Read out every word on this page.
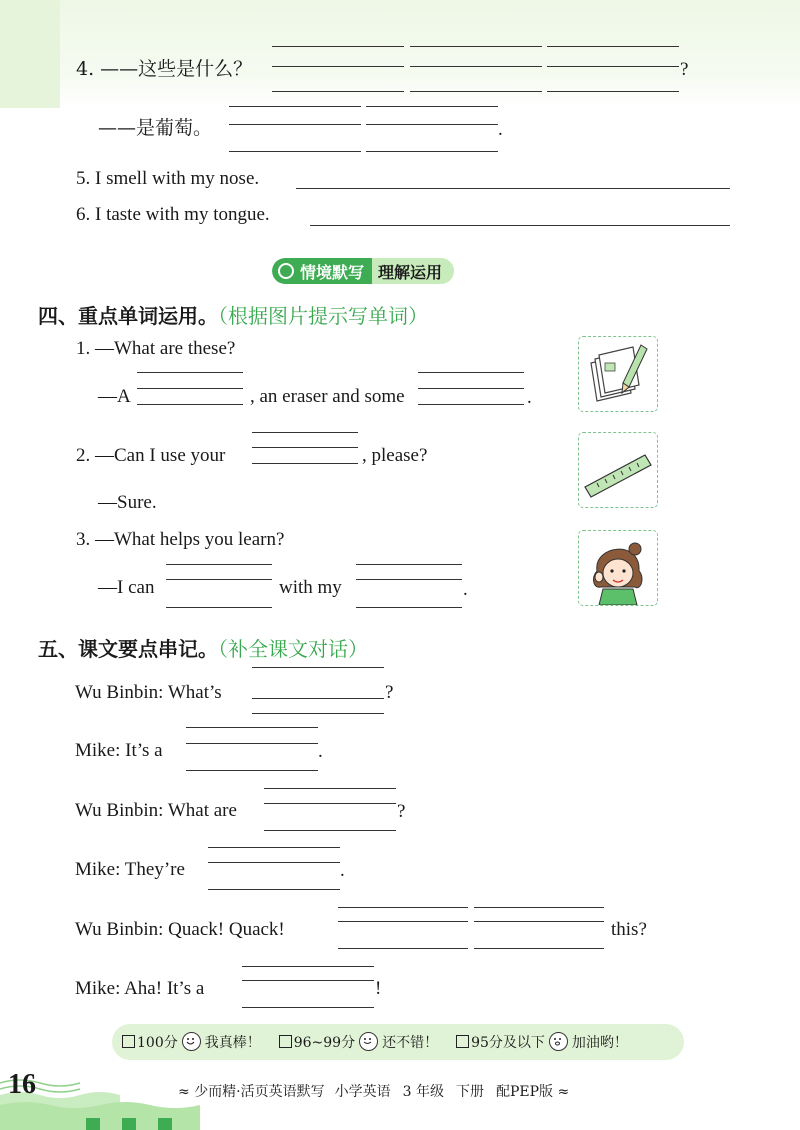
4. ——这些是什么？	?
——是葡萄。	.
5. I smell with my nose.
6. I taste with my tongue.
情境默写 理解运用
四、重点单词运用。（根据图片提示写单词）
1. —What are these?
—A	, an eraser and some	.
2. —Can I use your	, please?
—Sure.
3. —What helps you learn?
—I can	with my	.
五、课文要点串记。（补全课文对话）
Wu Binbin: What’s	?
Mike: It’s a	.
Wu Binbin: What are	?
Mike: They’re	.
Wu Binbin: Quack! Quack!	this?
Mike: Aha! It’s a	!
100分 我真棒！	96~99分 还不错！	95分及以下 加油哟！
16	≈ 少而精·活页英语默写 小学英语 3 年级 下册 配PEP版 ≈
